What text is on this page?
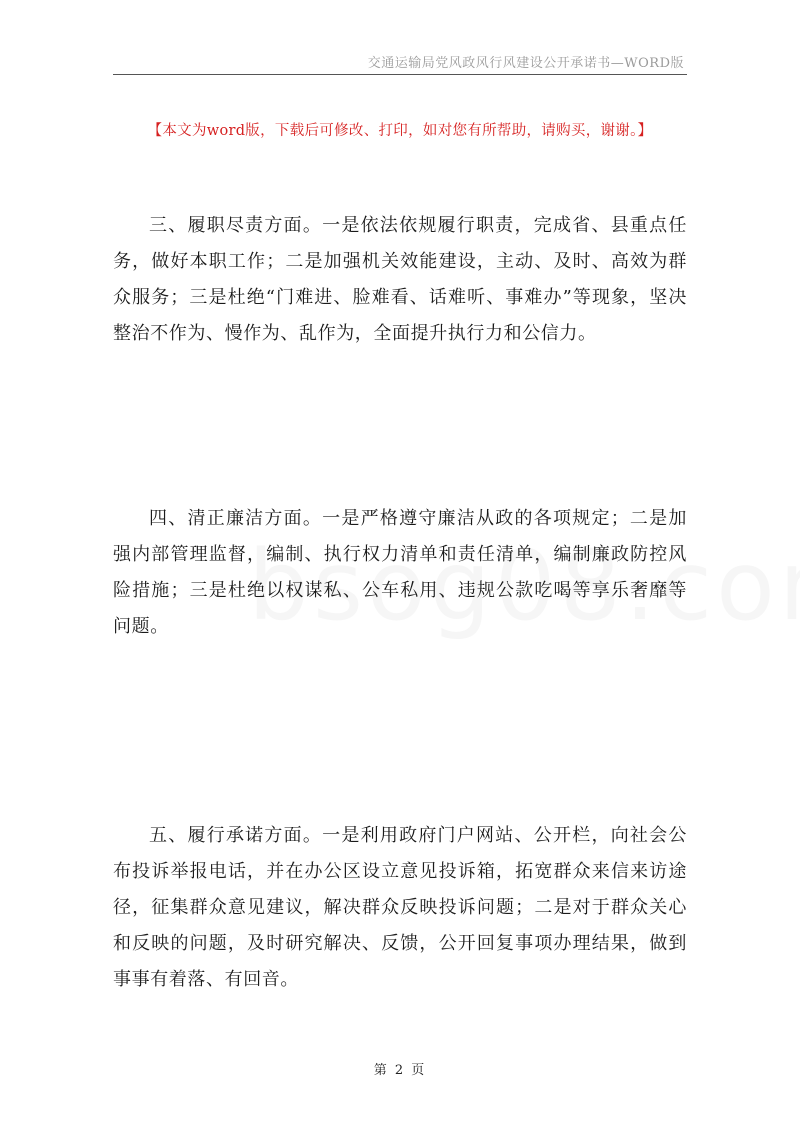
交通运输局党风政风行风建设公开承诺书—WORD版
【本文为word版，下载后可修改、打印，如对您有所帮助，请购买，谢谢。】

三、履职尽责方面。一是依法依规履行职责，完成省、县重点任务，做好本职工作；二是加强机关效能建设，主动、及时、高效为群众服务；三是杜绝“门难进、脸难看、话难听、事难办”等现象，坚决整治不作为、慢作为、乱作为，全面提升执行力和公信力。

四、清正廉洁方面。一是严格遵守廉洁从政的各项规定；二是加强内部管理监督，编制、执行权力清单和责任清单，编制廉政防控风险措施；三是杜绝以权谋私、公车私用、违规公款吃喝等享乐奢靡等问题。

五、履行承诺方面。一是利用政府门户网站、公开栏，向社会公布投诉举报电话，并在办公区设立意见投诉箱，拓宽群众来信来访途径，征集群众意见建议，解决群众反映投诉问题；二是对于群众关心和反映的问题，及时研究解决、反馈，公开回复事项办理结果，做到事事有着落、有回音。

第 2 页
